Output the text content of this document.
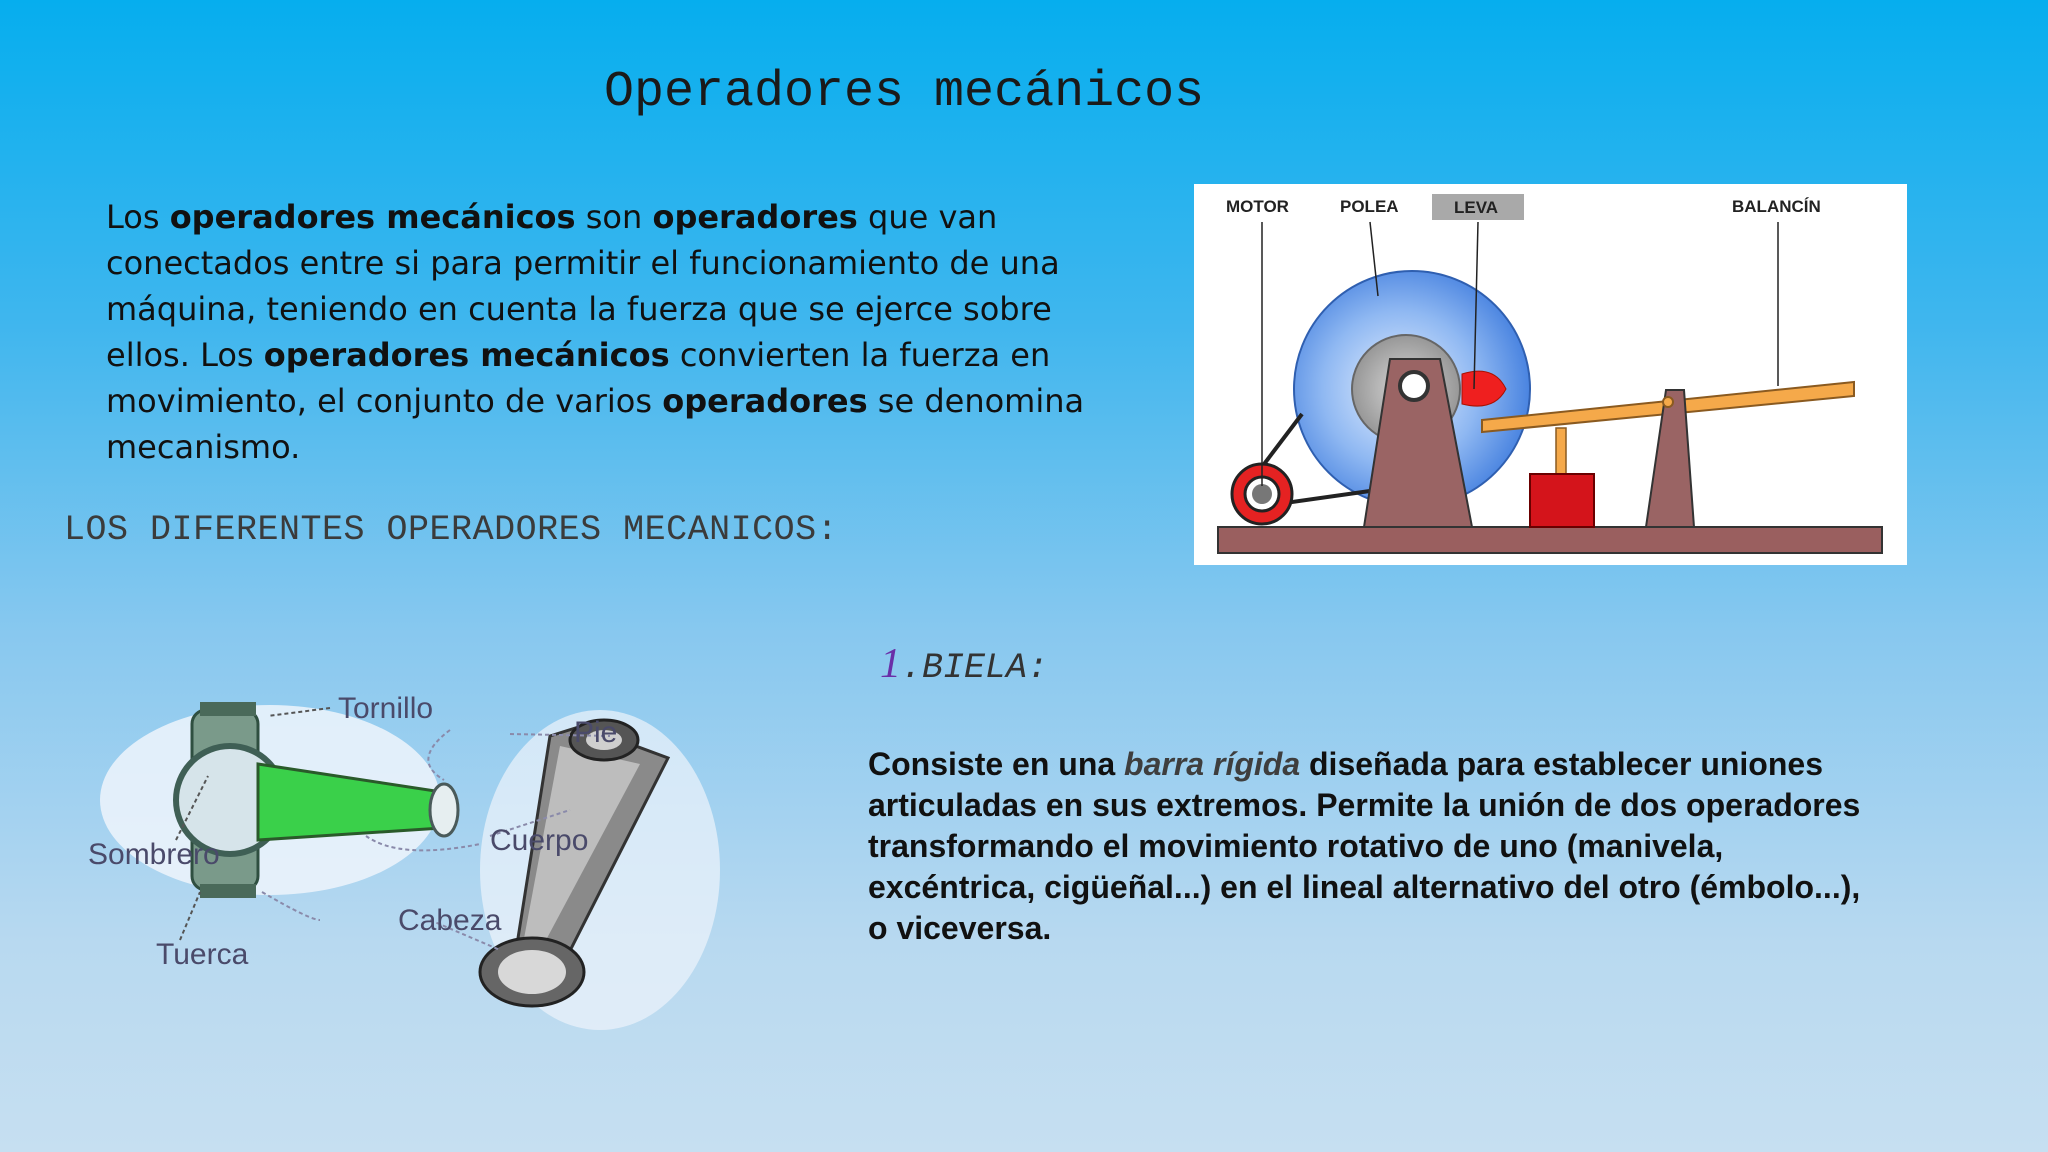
Operadores mecánicos

Los operadores mecánicos son operadores que van conectados entre si para permitir el funcionamiento de una máquina, teniendo en cuenta la fuerza que se ejerce sobre ellos. Los operadores mecánicos convierten la fuerza en movimiento, el conjunto de varios operadores se denomina mecanismo.

LOS DIFERENTES OPERADORES MECANICOS:
MOTOR	POLEA	LEVA	BALANCÍN
1.BIELA:

Consiste en una barra rígida diseñada para establecer uniones articuladas en sus extremos. Permite la unión de dos operadores transformando el movimiento rotativo de uno (manivela, excéntrica, cigüeñal...) en el lineal alternativo del otro (émbolo...), o viceversa.

Tornillo
Pie
Sombrero	Cuerpo
Cabeza
Tuerca
